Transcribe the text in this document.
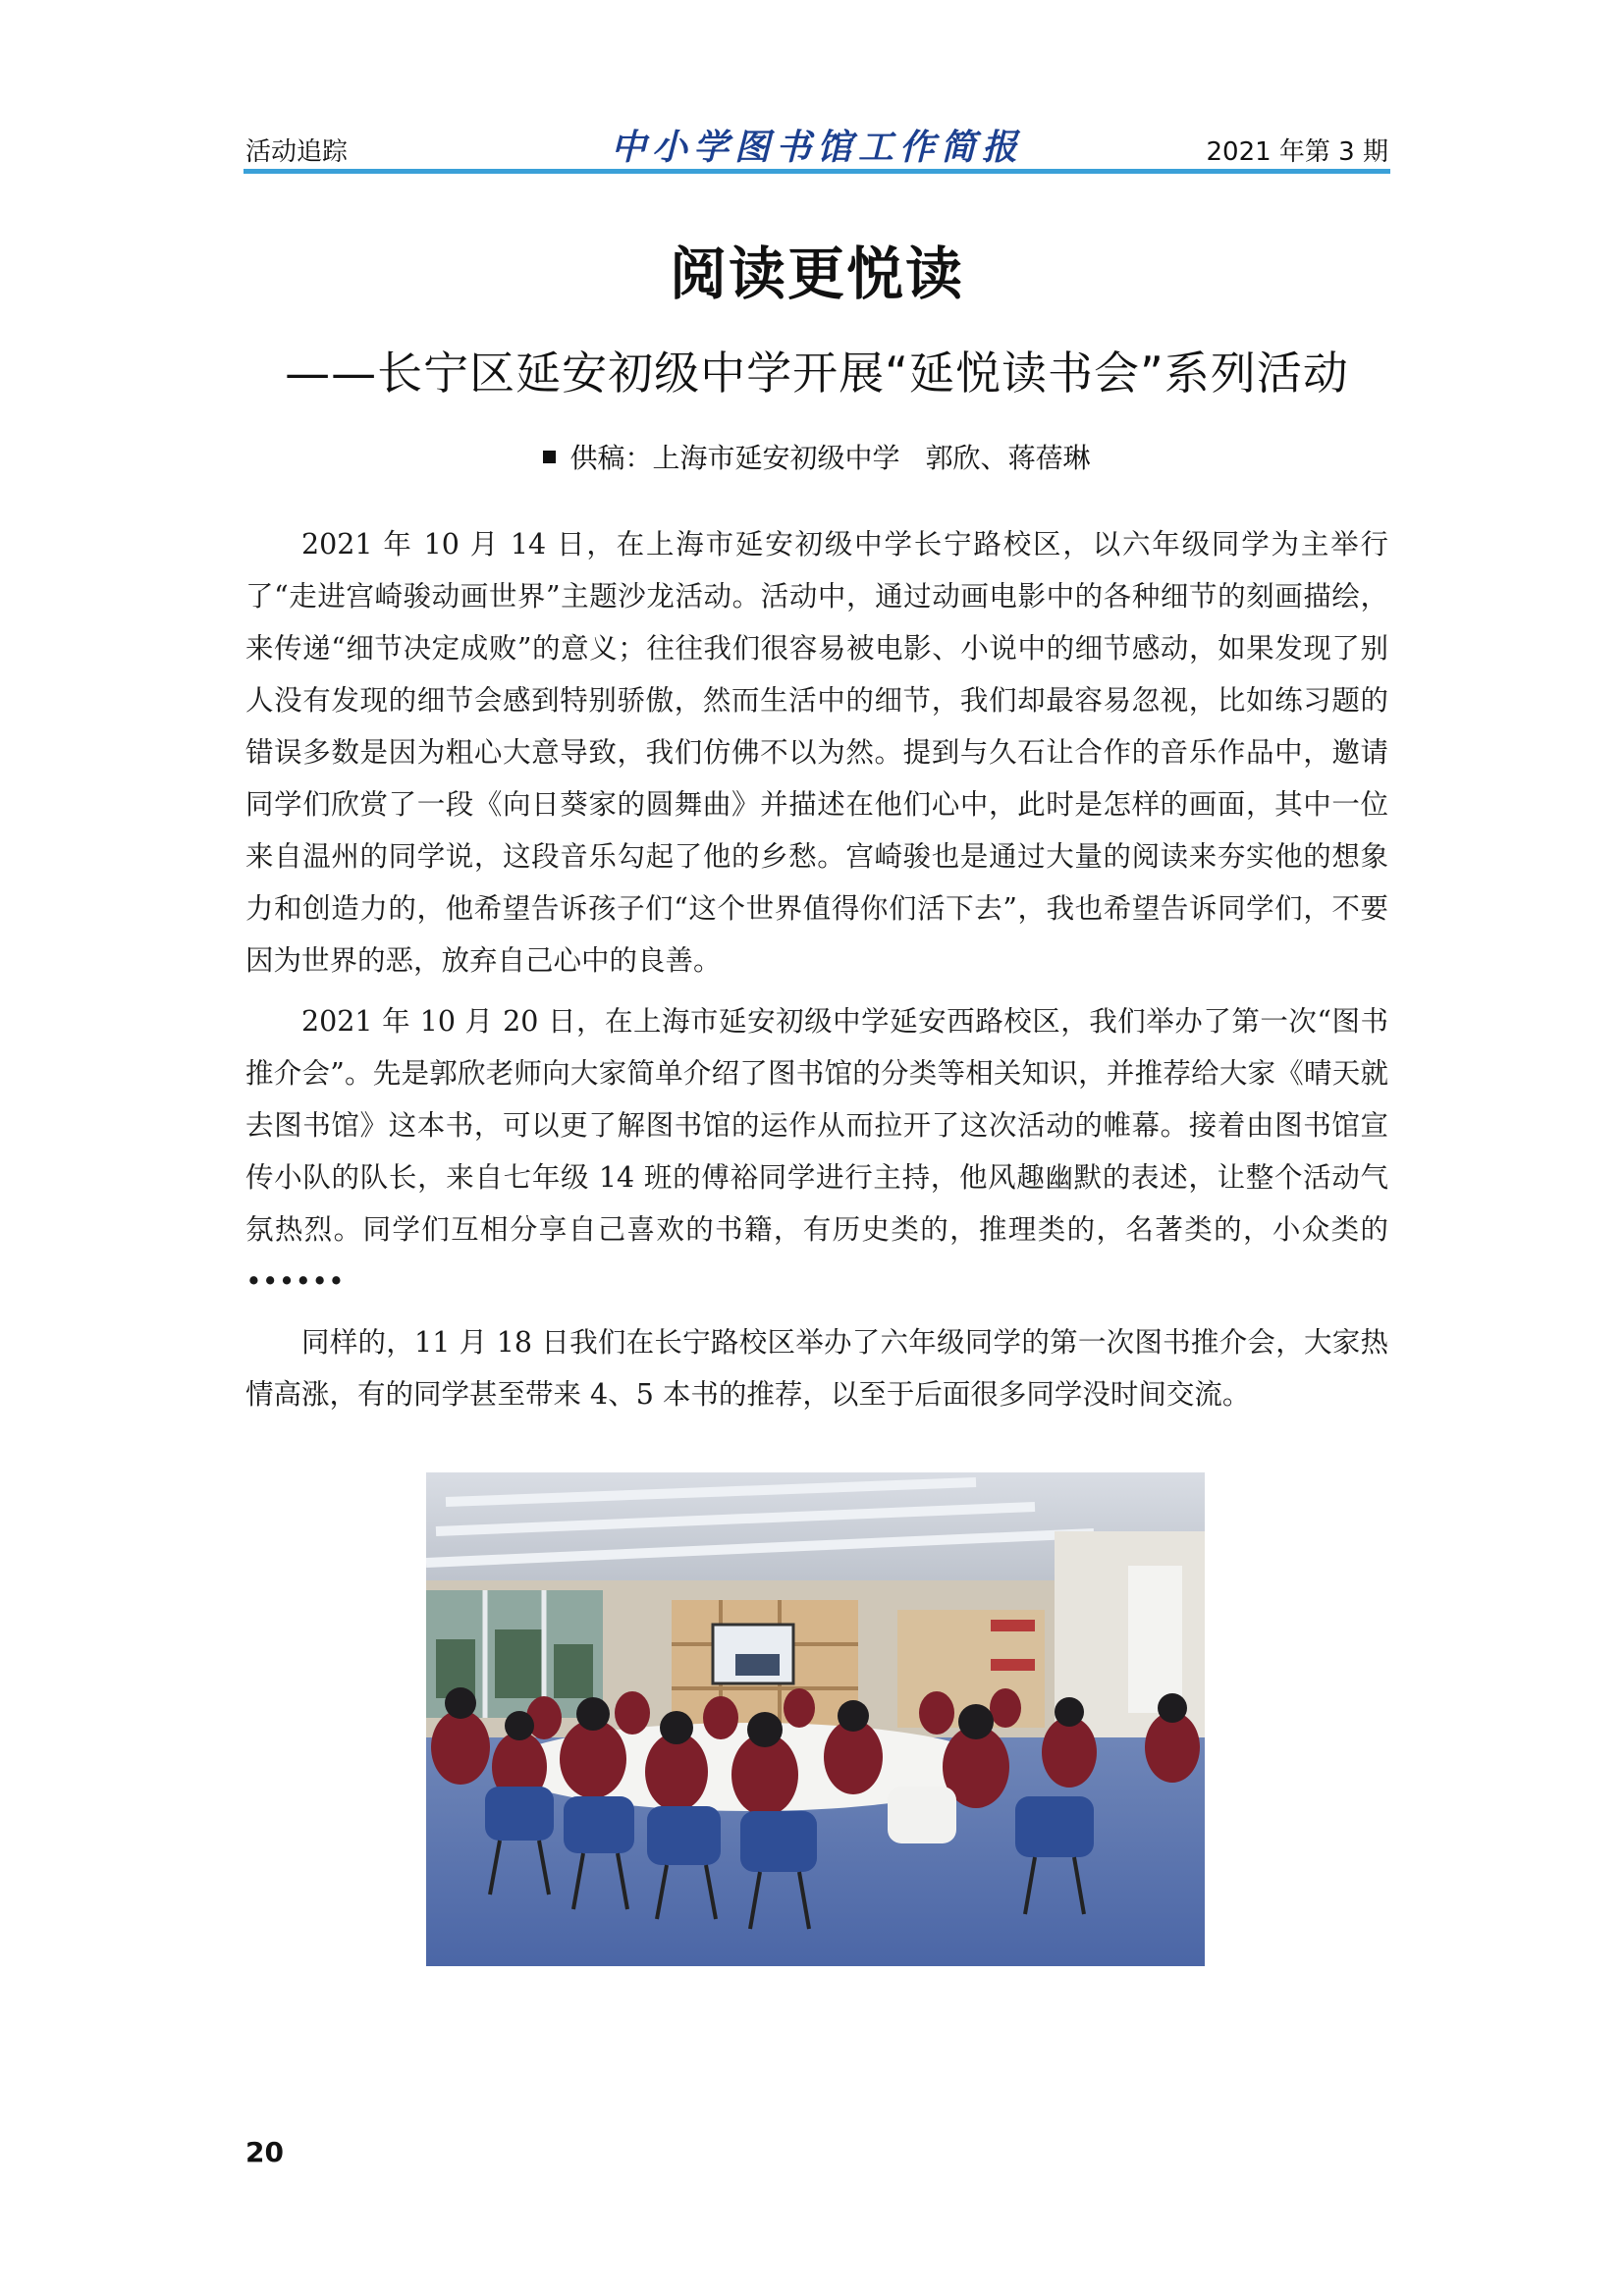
活动追踪	中小学图书馆工作简报	2021 年第 3 期
阅读更悦读
——长宁区延安初级中学开展“延悦读书会”系列活动
供稿：上海市延安初级中学 郭欣、蒋蓓琳

2021 年 10 月 14 日，在上海市延安初级中学长宁路校区，以六年级同学为主举行了“走进宫崎骏动画世界”主题沙龙活动。活动中，通过动画电影中的各种细节的刻画描绘，来传递“细节决定成败”的意义；往往我们很容易被电影、小说中的细节感动，如果发现了别人没有发现的细节会感到特别骄傲，然而生活中的细节，我们却最容易忽视，比如练习题的错误多数是因为粗心大意导致，我们仿佛不以为然。提到与久石让合作的音乐作品中，邀请同学们欣赏了一段《向日葵家的圆舞曲》并描述在他们心中，此时是怎样的画面，其中一位来自温州的同学说，这段音乐勾起了他的乡愁。宫崎骏也是通过大量的阅读来夯实他的想象力和创造力的，他希望告诉孩子们“这个世界值得你们活下去”，我也希望告诉同学们，不要因为世界的恶，放弃自己心中的良善。

2021 年 10 月 20 日，在上海市延安初级中学延安西路校区，我们举办了第一次“图书推介会”。先是郭欣老师向大家简单介绍了图书馆的分类等相关知识，并推荐给大家《晴天就去图书馆》这本书，可以更了解图书馆的运作从而拉开了这次活动的帷幕。接着由图书馆宣传小队的队长，来自七年级 14 班的傅裕同学进行主持，他风趣幽默的表述，让整个活动气氛热烈。同学们互相分享自己喜欢的书籍，有历史类的，推理类的，名著类的，小众类的••••••

同样的，11 月 18 日我们在长宁路校区举办了六年级同学的第一次图书推介会，大家热情高涨，有的同学甚至带来 4、5 本书的推荐，以至于后面很多同学没时间交流。

20
